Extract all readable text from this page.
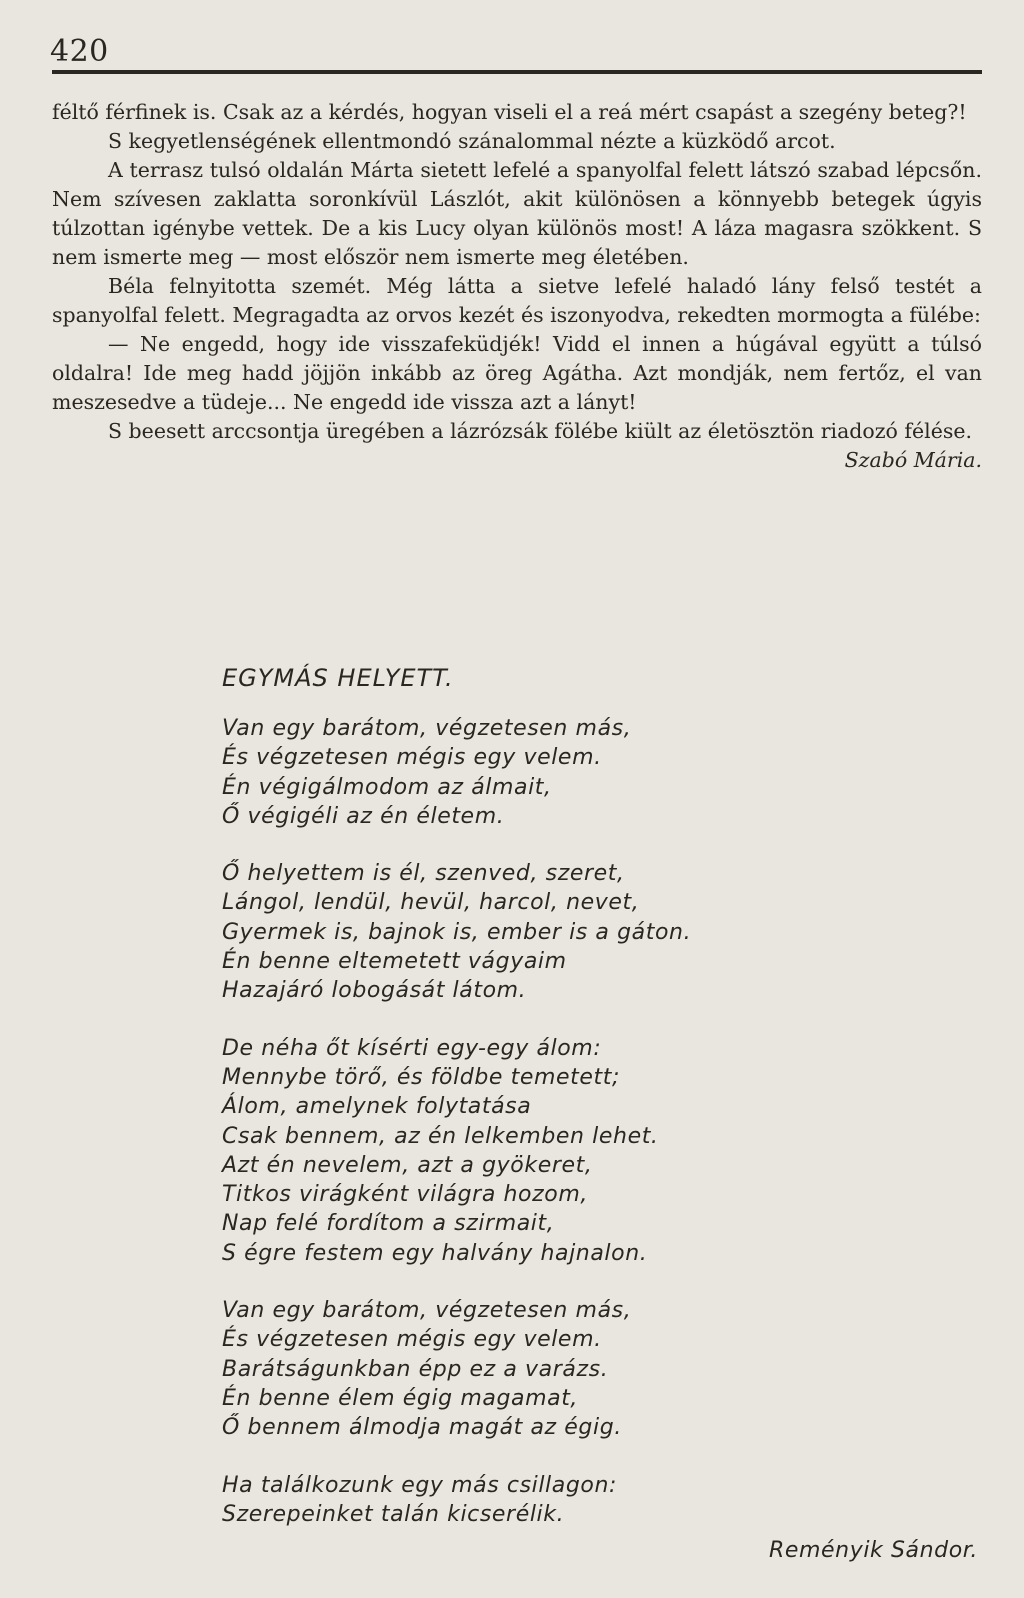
420

féltő férfinek is. Csak az a kérdés, hogyan viseli el a reá mért csapást a szegény beteg?!

S kegyetlenségének ellentmondó szánalommal nézte a küzködő arcot.

A terrasz tulsó oldalán Márta sietett lefelé a spanyolfal felett látszó szabad lépcsőn. Nem szívesen zaklatta soronkívül Lászlót, akit különösen a könnyebb betegek úgyis túlzottan igénybe vettek. De a kis Lucy olyan különös most! A láza magasra szökkent. S nem ismerte meg — most először nem ismerte meg életében.

Béla felnyitotta szemét. Még látta a sietve lefelé haladó lány felső testét a spanyolfal felett. Megragadta az orvos kezét és iszonyodva, rekedten mormogta a fülébe:

— Ne engedd, hogy ide visszafeküdjék! Vidd el innen a húgával együtt a túlsó oldalra! Ide meg hadd jöjjön inkább az öreg Agátha. Azt mondják, nem fertőz, el van meszesedve a tüdeje... Ne engedd ide vissza azt a lányt!

S beesett arccsontja üregében a lázrózsák fölébe kiült az életösztön riadozó félése.

Szabó Mária.

EGYMÁS HELYETT.
Van egy barátom, végzetesen más,
És végzetesen mégis egy velem.
Én végigálmodom az álmait,
Ő végigéli az én életem.
Ő helyettem is él, szenved, szeret,
Lángol, lendül, hevül, harcol, nevet,
Gyermek is, bajnok is, ember is a gáton.
Én benne eltemetett vágyaim
Hazajáró lobogását látom.
De néha őt kísérti egy-egy álom:
Mennybe törő, és földbe temetett;
Álom, amelynek folytatása
Csak bennem, az én lelkemben lehet.
Azt én nevelem, azt a gyökeret,
Titkos virágként világra hozom,
Nap felé fordítom a szirmait,
S égre festem egy halvány hajnalon.
Van egy barátom, végzetesen más,
És végzetesen mégis egy velem.
Barátságunkban épp ez a varázs.
Én benne élem égig magamat,
Ő bennem álmodja magát az égig.
Ha találkozunk egy más csillagon:
Szerepeinket talán kicserélik.
Reményik Sándor.
